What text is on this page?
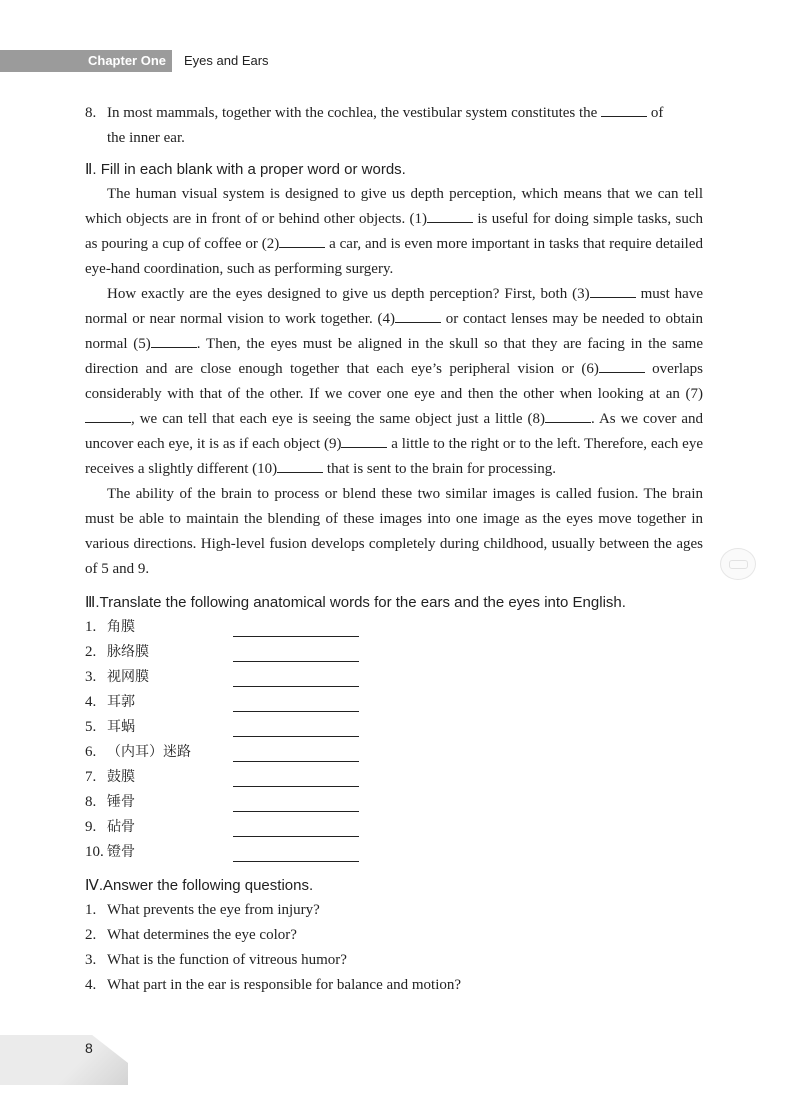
Chapter One Eyes and Ears
8. In most mammals, together with the cochlea, the vestibular system constitutes the	of
the inner ear.
Ⅱ. Fill in each blank with a proper word or words.

The human visual system is designed to give us depth perception, which means that we can tell which objects are in front of or behind other objects. (1)	is useful for doing simple tasks, such as pouring a cup of coffee or (2)	a car, and is even more important in tasks that require detailed eye-hand coordination, such as performing surgery.

How exactly are the eyes designed to give us depth perception? First, both (3)	must have normal or near normal vision to work together. (4)	or contact lenses may be needed to obtain normal (5)	. Then, the eyes must be aligned in the skull so that they are facing in the same direction and are close enough together that each eye’s peripheral vision or (6)	overlaps considerably with that of the other. If we cover one eye and then the other when looking at an (7), we can tell that each eye is seeing the same object just a little (8)	. As we cover and uncover each eye, it is as if each object (9)	a little to the right or to the left. Therefore, each eye receives a slightly different (10)	that is sent to the brain for processing.

The ability of the brain to process or blend these two similar images is called fusion. The brain must be able to maintain the blending of these images into one image as the eyes move together in various directions. High-level fusion develops completely during childhood, usually between the ages of 5 and 9.

Ⅲ.Translate the following anatomical words for the ears and the eyes into English.
1. 角膜
2. 脉络膜
3. 视网膜
4. 耳郭
5. 耳蜗
6. （内耳）迷路
7. 鼓膜
8. 锤骨
9. 砧骨
10. 镫骨
Ⅳ.Answer the following questions.
1. What prevents the eye from injury?
2. What determines the eye color?
3. What is the function of vitreous humor?
4. What part in the ear is responsible for balance and motion?
8
